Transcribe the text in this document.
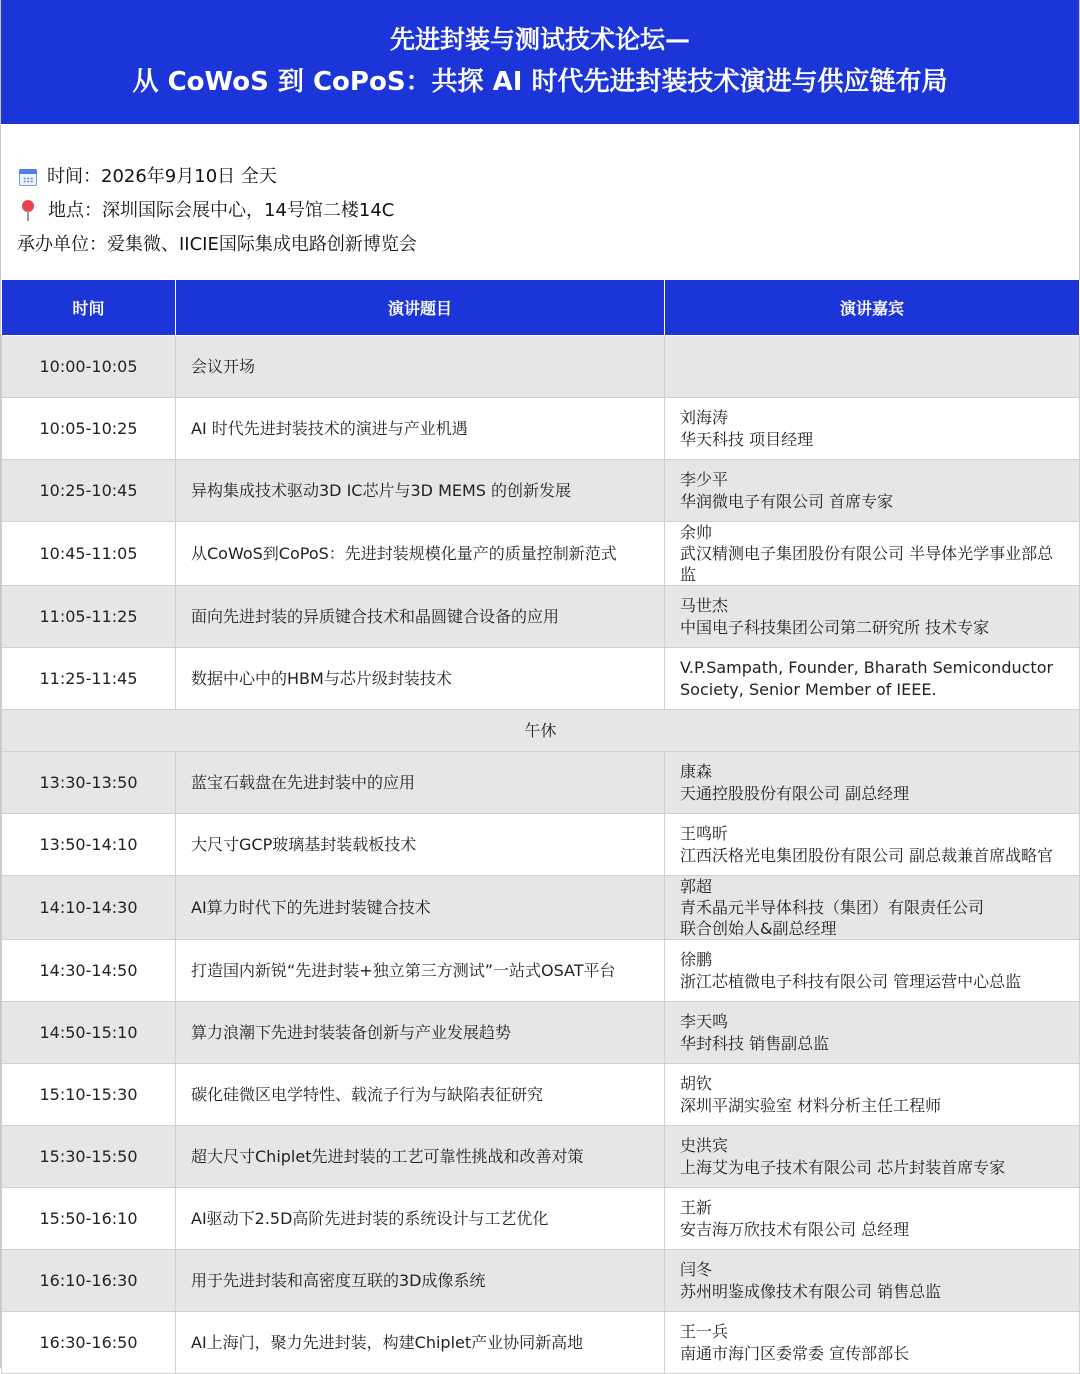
先进封装与测试技术论坛—
从 CoWoS 到 CoPoS：共探 AI 时代先进封装技术演进与供应链布局
时间：2026年9月10日 全天
地点：深圳国际会展中心，14号馆二楼14C
承办单位：爱集微、IICIE国际集成电路创新博览会
时间	演讲题目	演讲嘉宾
10:00-10:05	会议开场	
10:05-10:25	AI 时代先进封装技术的演进与产业机遇	刘海涛
华天科技 项目经理

10:25-10:45	异构集成技术驱动3D IC芯片与3D MEMS 的创新发展	李少平
华润微电子有限公司 首席专家

10:45-11:05	从CoWoS到CoPoS：先进封装规模化量产的质量控制新范式	余帅
武汉精测电子集团股份有限公司 半导体光学事业部总
监

11:05-11:25	面向先进封装的异质键合技术和晶圆键合设备的应用	马世杰
中国电子科技集团公司第二研究所 技术专家

11:25-11:45	数据中心中的HBM与芯片级封装技术	V.P.Sampath, Founder, Bharath Semiconductor
Society, Senior Member of IEEE.

午休		
13:30-13:50	蓝宝石载盘在先进封装中的应用	康森
天通控股股份有限公司 副总经理

13:50-14:10	大尺寸GCP玻璃基封装载板技术	王鸣昕
江西沃格光电集团股份有限公司 副总裁兼首席战略官

14:10-14:30	AI算力时代下的先进封装键合技术	郭超
青禾晶元半导体科技（集团）有限责任公司
联合创始人&副总经理

14:30-14:50	打造国内新锐“先进封装+独立第三方测试”一站式OSAT平台	徐鹏
浙江芯植微电子科技有限公司 管理运营中心总监

14:50-15:10	算力浪潮下先进封装装备创新与产业发展趋势	李天鸣
华封科技 销售副总监

15:10-15:30	碳化硅微区电学特性、载流子行为与缺陷表征研究	胡钦
深圳平湖实验室 材料分析主任工程师

15:30-15:50	超大尺寸Chiplet先进封装的工艺可靠性挑战和改善对策	史洪宾
上海艾为电子技术有限公司 芯片封装首席专家

15:50-16:10	AI驱动下2.5D高阶先进封装的系统设计与工艺优化	王新
安吉海万欣技术有限公司 总经理

16:10-16:30	用于先进封装和高密度互联的3D成像系统	闫冬
苏州明鉴成像技术有限公司 销售总监

16:30-16:50	AI上海门，聚力先进封装，构建Chiplet产业协同新高地	王一兵
南通市海门区委常委 宣传部部长
